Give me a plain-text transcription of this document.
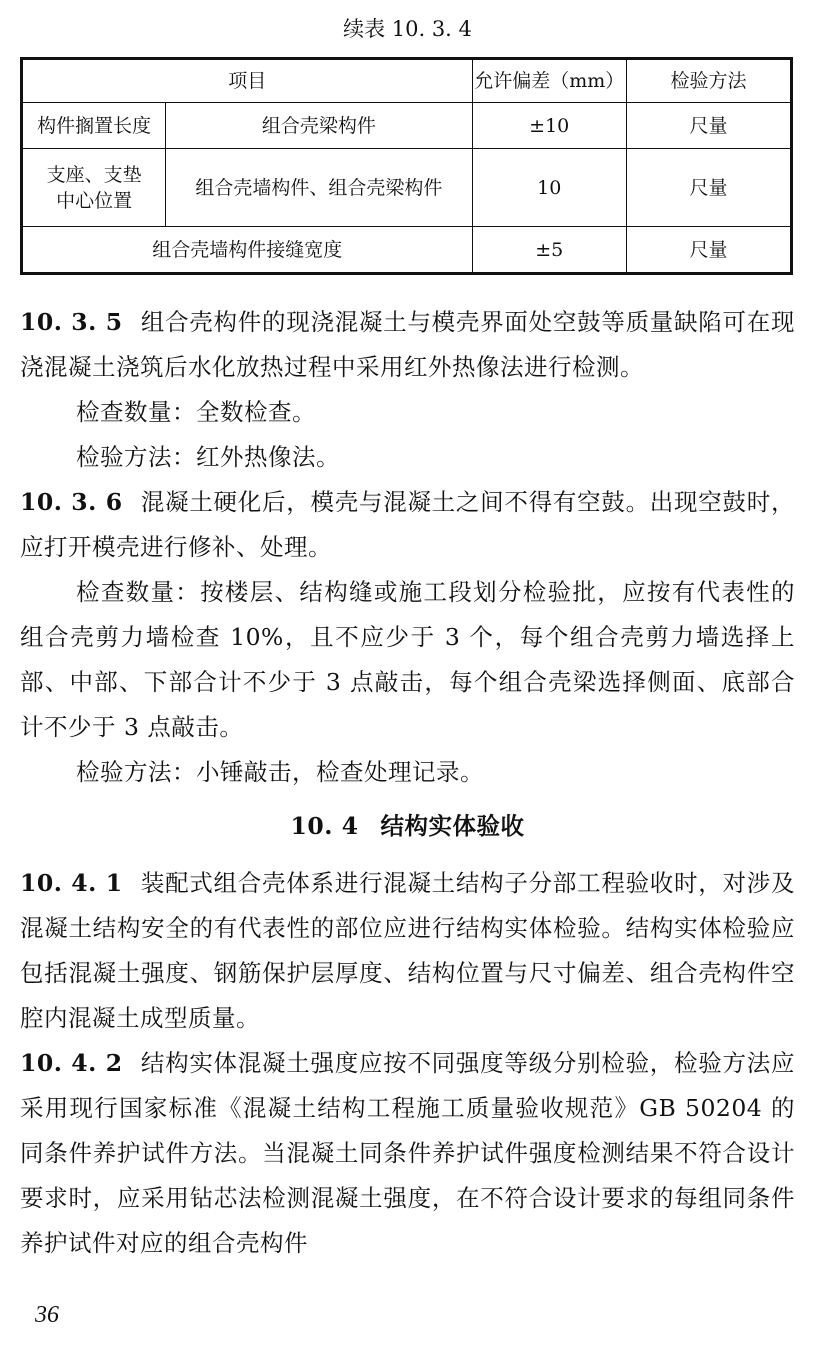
续表 10. 3. 4
项目		允许偏差（mm）	检验方法
构件搁置长度	组合壳梁构件	±10	尺量

支座、支垫
中心位置	组合壳墙构件、组合壳梁构件	10	尺量
组合壳墙构件接缝宽度		±5	尺量

10. 3. 5 组合壳构件的现浇混凝土与模壳界面处空鼓等质量缺陷可在现浇混凝土浇筑后水化放热过程中采用红外热像法进行检测。

检查数量：全数检查。

检验方法：红外热像法。

10. 3. 6 混凝土硬化后，模壳与混凝土之间不得有空鼓。出现空鼓时，应打开模壳进行修补、处理。

检查数量：按楼层、结构缝或施工段划分检验批，应按有代表性的组合壳剪力墙检查 10%，且不应少于 3 个，每个组合壳剪力墙选择上部、中部、下部合计不少于 3 点敲击，每个组合壳梁选择侧面、底部合计不少于 3 点敲击。

检验方法：小锤敲击，检查处理记录。

10. 4 结构实体验收

10. 4. 1 装配式组合壳体系进行混凝土结构子分部工程验收时，对涉及混凝土结构安全的有代表性的部位应进行结构实体检验。结构实体检验应包括混凝土强度、钢筋保护层厚度、结构位置与尺寸偏差、组合壳构件空腔内混凝土成型质量。

10. 4. 2 结构实体混凝土强度应按不同强度等级分别检验，检验方法应采用现行国家标准《混凝土结构工程施工质量验收规范》GB 50204 的同条件养护试件方法。当混凝土同条件养护试件强度检测结果不符合设计要求时，应采用钻芯法检测混凝土强度，在不符合设计要求的每组同条件养护试件对应的组合壳构件

36
